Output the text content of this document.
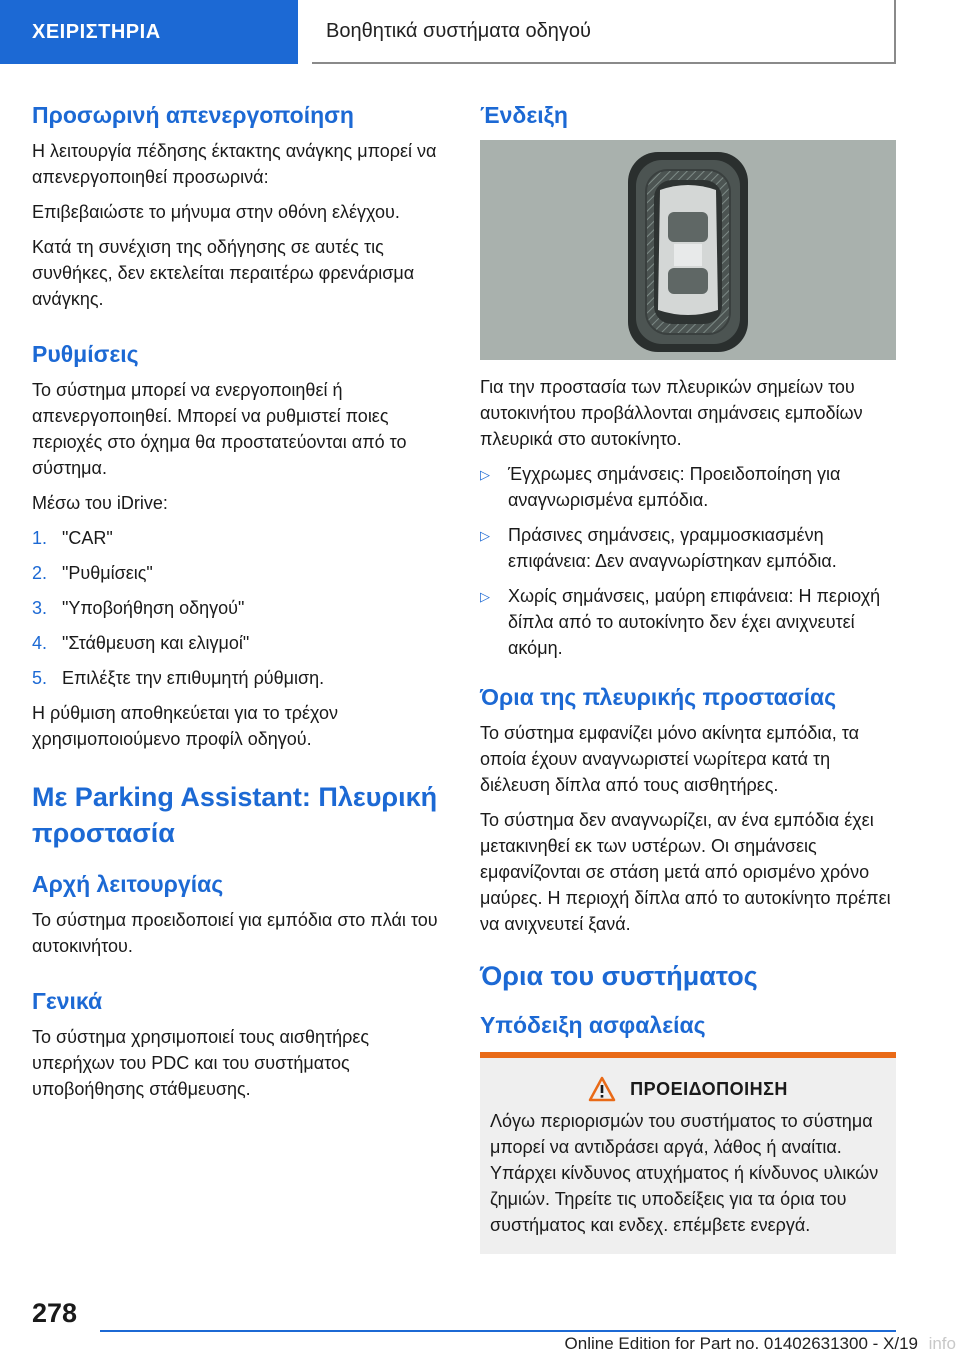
ΧΕΙΡΙΣΤΗΡΙΑ	Βοηθητικά συστήματα οδηγού
Προσωρινή απενεργοποίηση

Η λειτουργία πέδησης έκτακτης ανάγκης μπορεί να απενεργοποιηθεί προσωρινά:

Επιβεβαιώστε το μήνυμα στην οθόνη ελέγχου.

Κατά τη συνέχιση της οδήγησης σε αυτές τις συνθήκες, δεν εκτελείται περαιτέρω φρενάρισμα ανάγκης.

Ρυθμίσεις

Το σύστημα μπορεί να ενεργοποιηθεί ή απενεργοποιηθεί. Μπορεί να ρυθμιστεί ποιες περιοχές στο όχημα θα προστατεύονται από το σύστημα.

Μέσω του iDrive:

1. "CAR"
2. "Ρυθμίσεις"
3. "Υποβοήθηση οδηγού"
4. "Στάθμευση και ελιγμοί"
5. Επιλέξτε την επιθυμητή ρύθμιση.

Η ρύθμιση αποθηκεύεται για το τρέχον χρησιμοποιούμενο προφίλ οδηγού.

Με Parking Assistant: Πλευρική προστασία
Αρχή λειτουργίας

Το σύστημα προειδοποιεί για εμπόδια στο πλάι του αυτοκινήτου.

Γενικά

Το σύστημα χρησιμοποιεί τους αισθητήρες υπερήχων του PDC και του συστήματος υποβοήθησης στάθμευσης.

Ένδειξη

Για την προστασία των πλευρικών σημείων του αυτοκινήτου προβάλλονται σημάνσεις εμποδίων πλευρικά στο αυτοκίνητο.

▷	Έγχρωμες σημάνσεις: Προειδοποίηση για αναγνωρισμένα εμπόδια.
▷	Πράσινες σημάνσεις, γραμμοσκιασμένη επιφάνεια: Δεν αναγνωρίστηκαν εμπόδια.
▷	Χωρίς σημάνσεις, μαύρη επιφάνεια: Η περιοχή δίπλα από το αυτοκίνητο δεν έχει ανιχνευτεί ακόμη.
Όρια της πλευρικής προστασίας

Το σύστημα εμφανίζει μόνο ακίνητα εμπόδια, τα οποία έχουν αναγνωριστεί νωρίτερα κατά τη διέλευση δίπλα από τους αισθητήρες.

Το σύστημα δεν αναγνωρίζει, αν ένα εμπόδια έχει μετακινηθεί εκ των υστέρων. Οι σημάνσεις εμφανίζονται σε στάση μετά από ορισμένο χρόνο μαύρες. Η περιοχή δίπλα από το αυτοκίνητο πρέπει να ανιχνευτεί ξανά.

Όρια του συστήματος
Υπόδειξη ασφαλείας
ΠΡΟΕΙΔΟΠΟΙΗΣΗ

Λόγω περιορισμών του συστήματος το σύστημα μπορεί να αντιδράσει αργά, λάθος ή αναίτια. Υπάρχει κίνδυνος ατυχήματος ή κίνδυνος υλικών ζημιών. Τηρείτε τις υποδείξεις για τα όρια του συστήματος και ενδεχ. επέμβετε ενεργά.

278
Online Edition for Part no. 01402631300 - X/19 info
